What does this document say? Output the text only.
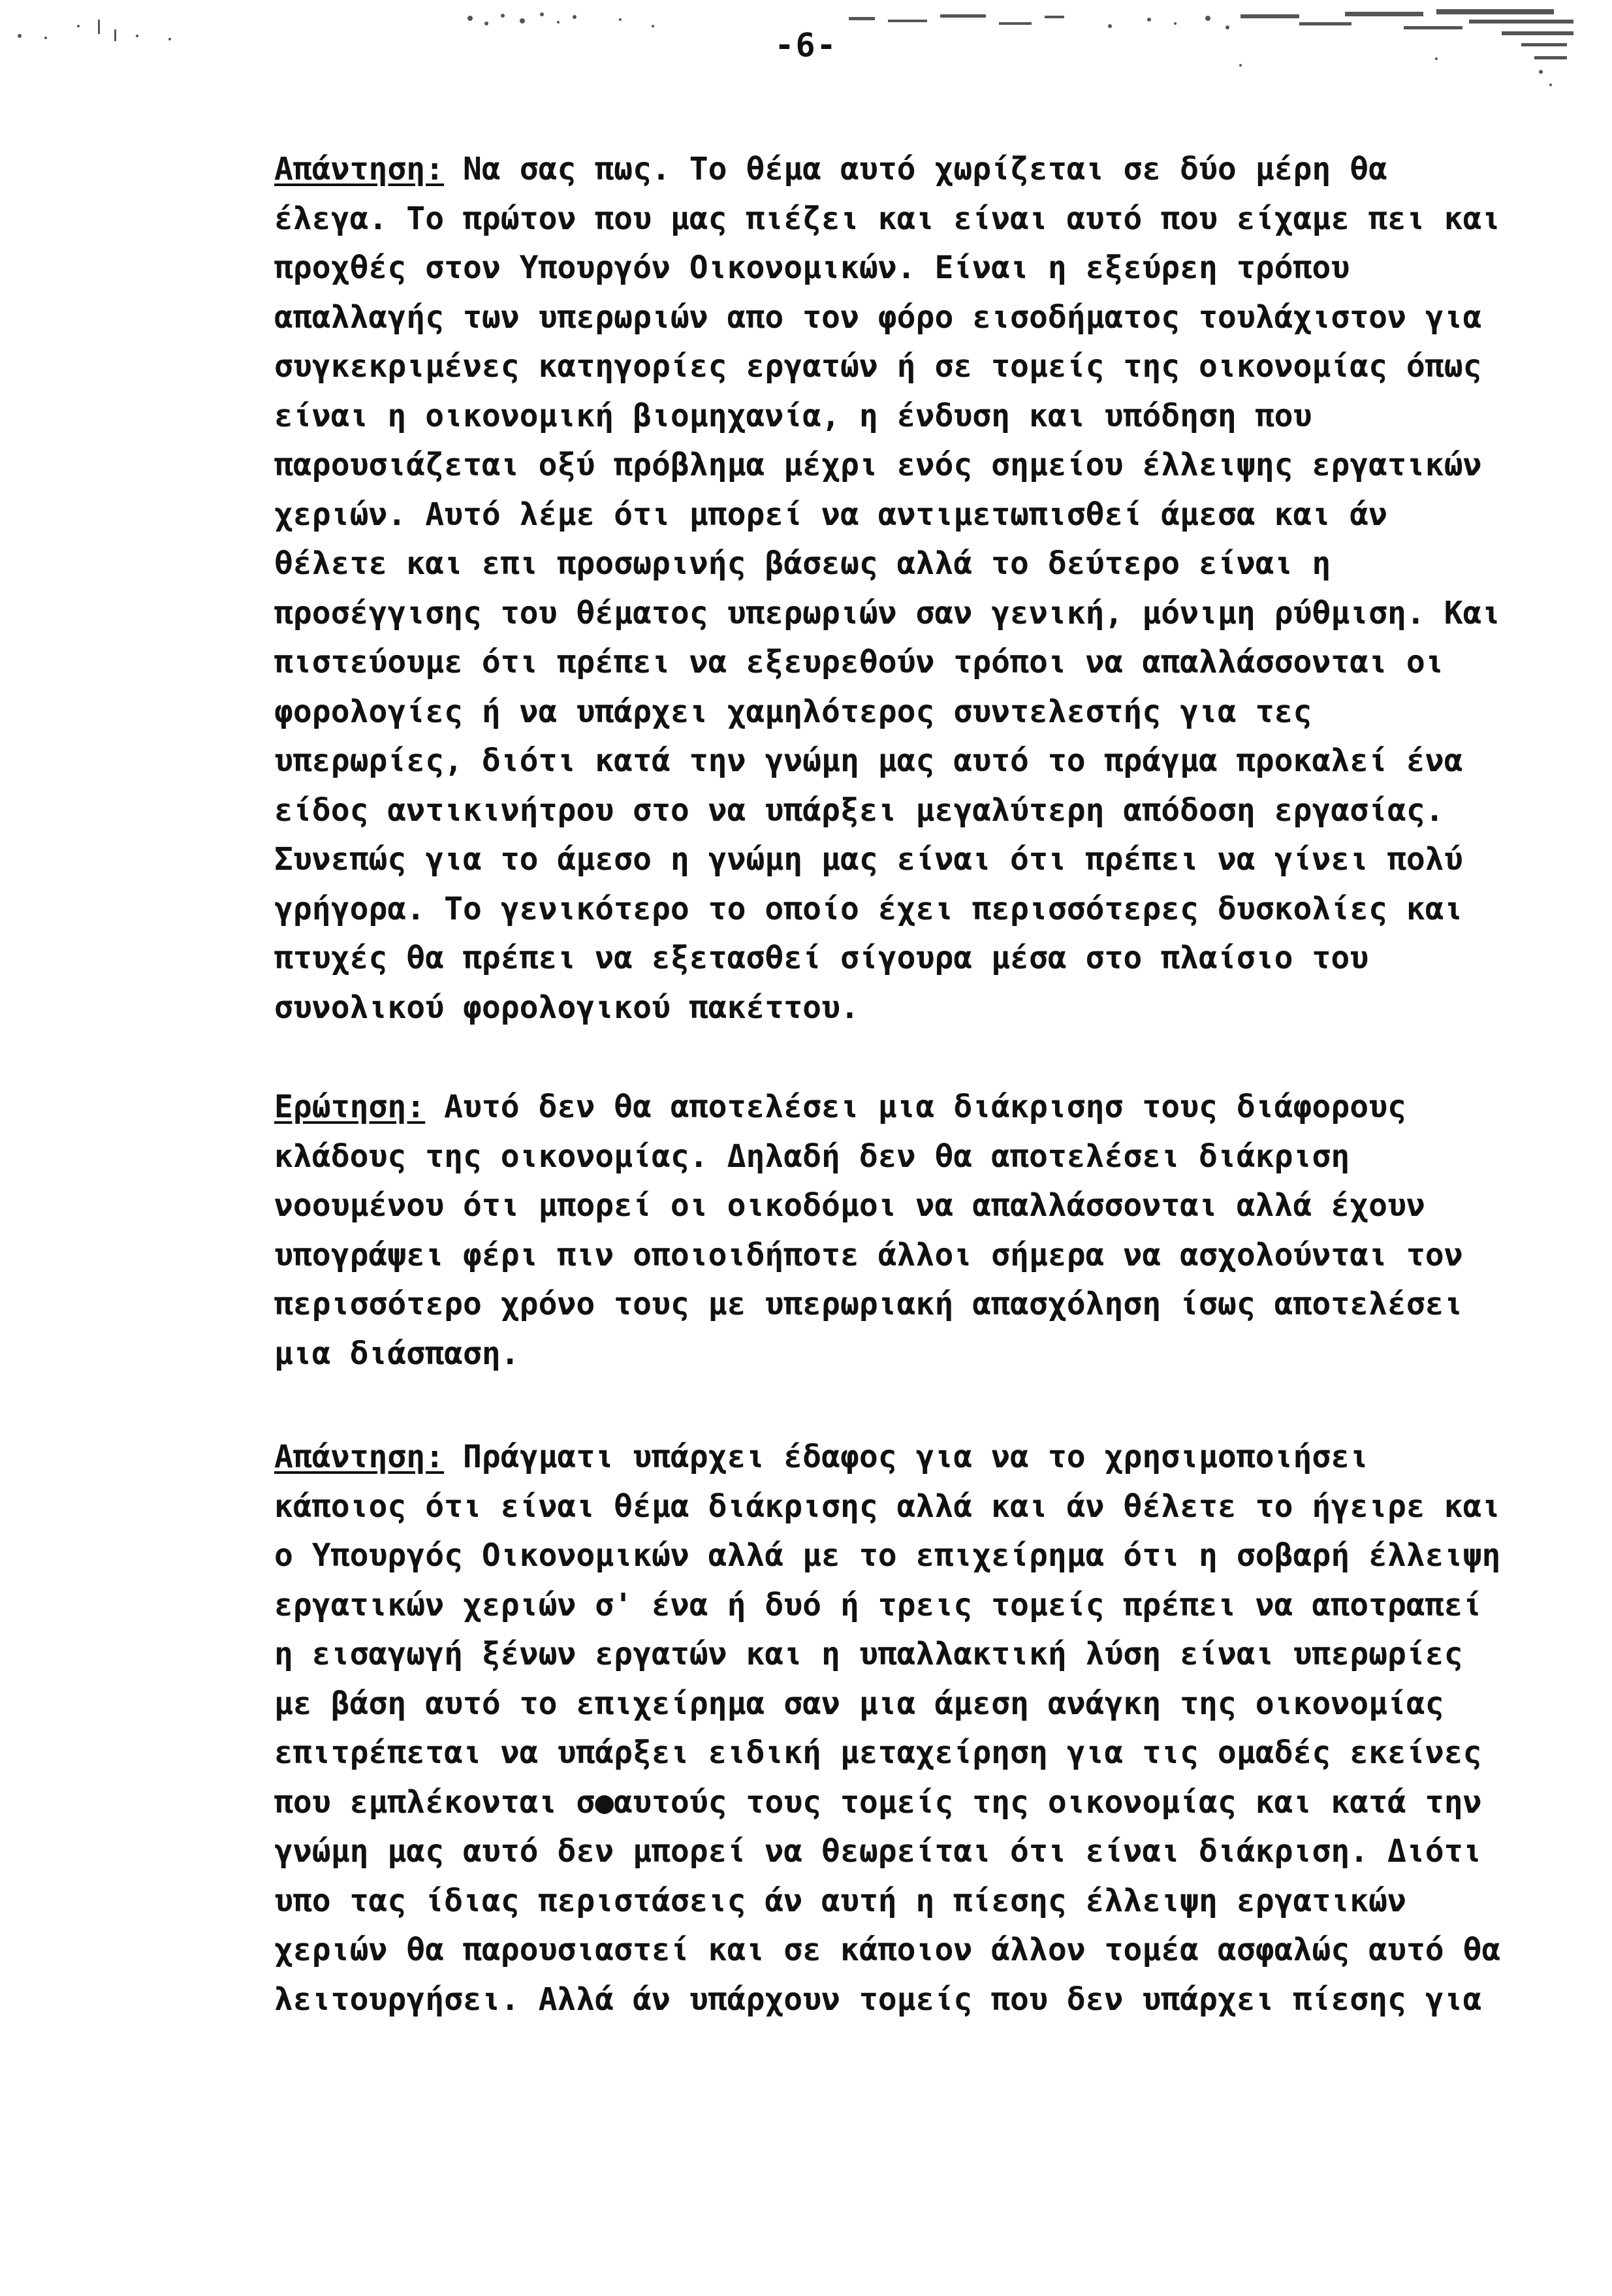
-6-
Απάντηση: Να σας πως. Το θέμα αυτό χωρίζεται σε δύο μέρη θα
έλεγα. Το πρώτον που μας πιέζει και είναι αυτό που είχαμε πει και
προχθές στον Υπουργόν Οικονομικών. Είναι η εξεύρεη τρόπου
απαλλαγής των υπερωριών απο τον φόρο εισοδήματος τουλάχιστον για
συγκεκριμένες κατηγορίες εργατών ή σε τομείς της οικονομίας όπως
είναι η οικονομική βιομηχανία, η ένδυση και υπόδηση που
παρουσιάζεται οξύ πρόβλημα μέχρι ενός σημείου έλλειψης εργατικών
χεριών. Αυτό λέμε ότι μπορεί να αντιμετωπισθεί άμεσα και άν
θέλετε και επι προσωρινής βάσεως αλλά το δεύτερο είναι η
προσέγγισης του θέματος υπερωριών σαν γενική, μόνιμη ρύθμιση. Και
πιστεύουμε ότι πρέπει να εξευρεθούν τρόποι να απαλλάσσονται οι
φορολογίες ή να υπάρχει χαμηλότερος συντελεστής για τες
υπερωρίες, διότι κατά την γνώμη μας αυτό το πράγμα προκαλεί ένα
είδος αντικινήτρου στο να υπάρξει μεγαλύτερη απόδοση εργασίας.
Συνεπώς για το άμεσο η γνώμη μας είναι ότι πρέπει να γίνει πολύ
γρήγορα. Το γενικότερο το οποίο έχει περισσότερες δυσκολίες και
πτυχές θα πρέπει να εξετασθεί σίγουρα μέσα στο πλαίσιο του
συνολικού φορολογικού πακέττου.
Ερώτηση: Αυτό δεν θα αποτελέσει μια διάκρισησ τους διάφορους
κλάδους της οικονομίας. Δηλαδή δεν θα αποτελέσει διάκριση
νοουμένου ότι μπορεί οι οικοδόμοι να απαλλάσσονται αλλά έχουν
υπογράψει φέρι πιν οποιοιδήποτε άλλοι σήμερα να ασχολούνται τον
περισσότερο χρόνο τους με υπερωριακή απασχόληση ίσως αποτελέσει
μια διάσπαση.
Απάντηση: Πράγματι υπάρχει έδαφος για να το χρησιμοποιήσει
κάποιος ότι είναι θέμα διάκρισης αλλά και άν θέλετε το ήγειρε και
ο Υπουργός Οικονομικών αλλά με το επιχείρημα ότι η σοβαρή έλλειψη
εργατικών χεριών σ' ένα ή δυό ή τρεις τομείς πρέπει να αποτραπεί
η εισαγωγή ξένων εργατών και η υπαλλακτική λύση είναι υπερωρίες
με βάση αυτό το επιχείρημα σαν μια άμεση ανάγκη της οικονομίας
επιτρέπεται να υπάρξει ειδική μεταχείρηση για τις ομαδές εκείνες
που εμπλέκονται σ●αυτούς τους τομείς της οικονομίας και κατά την
γνώμη μας αυτό δεν μπορεί να θεωρείται ότι είναι διάκριση. Διότι
υπο τας ίδιας περιστάσεις άν αυτή η πίεσης έλλειψη εργατικών
χεριών θα παρουσιαστεί και σε κάποιον άλλον τομέα ασφαλώς αυτό θα
λειτουργήσει. Αλλά άν υπάρχουν τομείς που δεν υπάρχει πίεσης για
